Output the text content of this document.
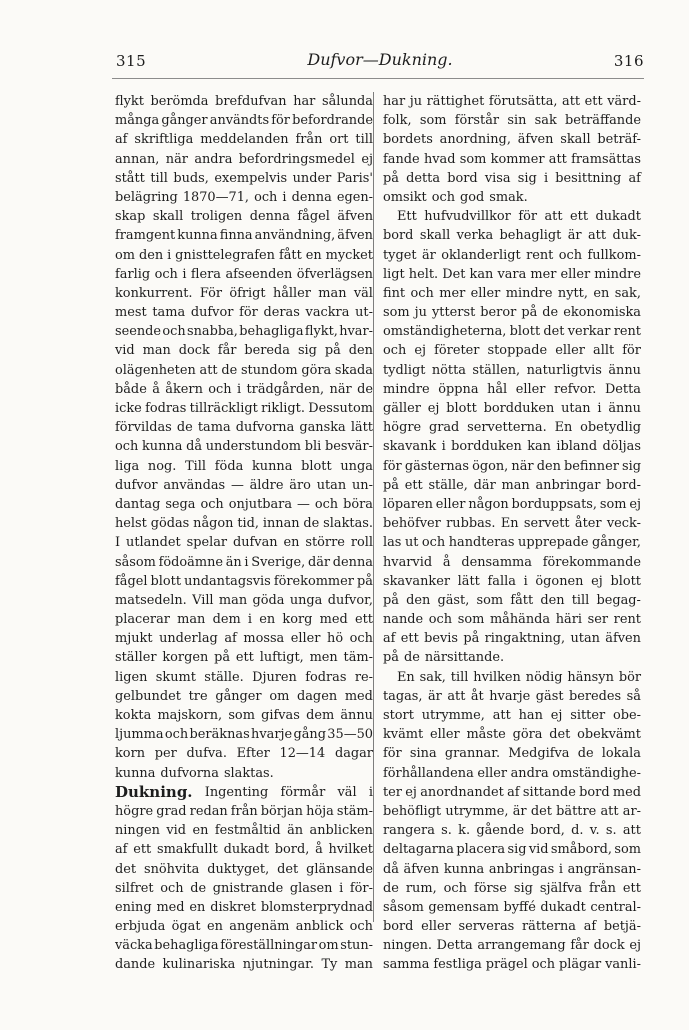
315	Dufvor—Dukning.	316
flykt berömda brefdufvan har sålunda
många gånger användts för befordrande
af skriftliga meddelanden från ort till
annan, när andra befordringsmedel ej
stått till buds, exempelvis under Paris'
belägring 1870—71, och i denna egen-
skap skall troligen denna fågel äfven
framgent kunna finna användning, äfven
om den i gnisttelegrafen fått en mycket
farlig och i flera afseenden öfverlägsen
konkurrent. För öfrigt håller man väl
mest tama dufvor för deras vackra ut-
seende och snabba, behagliga flykt, hvar-
vid man dock får bereda sig på den
olägenheten att de stundom göra skada
både å åkern och i trädgården, när de
icke fodras tillräckligt rikligt. Dessutom
förvildas de tama dufvorna ganska lätt
och kunna då understundom bli besvär-
liga nog. Till föda kunna blott unga
dufvor användas — äldre äro utan un-
dantag sega och onjutbara — och böra
helst gödas någon tid, innan de slaktas.
I utlandet spelar dufvan en större roll
såsom födoämne än i Sverige, där denna
fågel blott undantagsvis förekommer på
matsedeln. Vill man göda unga dufvor,
placerar man dem i en korg med ett
mjukt underlag af mossa eller hö och
ställer korgen på ett luftigt, men täm-
ligen skumt ställe. Djuren fodras re-
gelbundet tre gånger om dagen med
kokta majskorn, som gifvas dem ännu
ljumma och beräknas hvarje gång 35—50
korn per dufva. Efter 12—14 dagar
kunna dufvorna slaktas.
Dukning. Ingenting förmår väl i
högre grad redan från början höja stäm-
ningen vid en festmåltid än anblicken
af ett smakfullt dukadt bord, å hvilket
det snöhvita duktyget, det glänsande
silfret och de gnistrande glasen i för-
ening med en diskret blomsterprydnad
erbjuda ögat en angenäm anblick och
väcka behagliga föreställningar om stun-
dande kulinariska njutningar. Ty man
har ju rättighet förutsätta, att ett värd-
folk, som förstår sin sak beträffande
bordets anordning, äfven skall beträf-
fande hvad som kommer att framsättas
på detta bord visa sig i besittning af
omsikt och god smak.
Ett hufvudvillkor för att ett dukadt
bord skall verka behagligt är att duk-
tyget är oklanderligt rent och fullkom-
ligt helt. Det kan vara mer eller mindre
fint och mer eller mindre nytt, en sak,
som ju ytterst beror på de ekonomiska
omständigheterna, blott det verkar rent
och ej företer stoppade eller allt för
tydligt nötta ställen, naturligtvis ännu
mindre öppna hål eller refvor. Detta
gäller ej blott bordduken utan i ännu
högre grad servetterna. En obetydlig
skavank i bordduken kan ibland döljas
för gästernas ögon, när den befinner sig
på ett ställe, där man anbringar bord-
löparen eller någon borduppsats, som ej
behöfver rubbas. En servett åter veck-
las ut och handteras upprepade gånger,
hvarvid å densamma förekommande
skavanker lätt falla i ögonen ej blott
på den gäst, som fått den till begag-
nande och som måhända häri ser rent
af ett bevis på ringaktning, utan äfven
på de närsittande.
En sak, till hvilken nödig hänsyn bör
tagas, är att åt hvarje gäst beredes så
stort utrymme, att han ej sitter obe-
kvämt eller måste göra det obekvämt
för sina grannar. Medgifva de lokala
förhållandena eller andra omständighe-
ter ej anordnandet af sittande bord med
behöfligt utrymme, är det bättre att ar-
rangera s. k. gående bord, d. v. s. att
deltagarna placera sig vid småbord, som
då äfven kunna anbringas i angränsan-
de rum, och förse sig själfva från ett
såsom gemensam byffé dukadt central-
bord eller serveras rätterna af betjä-
ningen. Detta arrangemang får dock ej
samma festliga prägel och plägar vanli-
